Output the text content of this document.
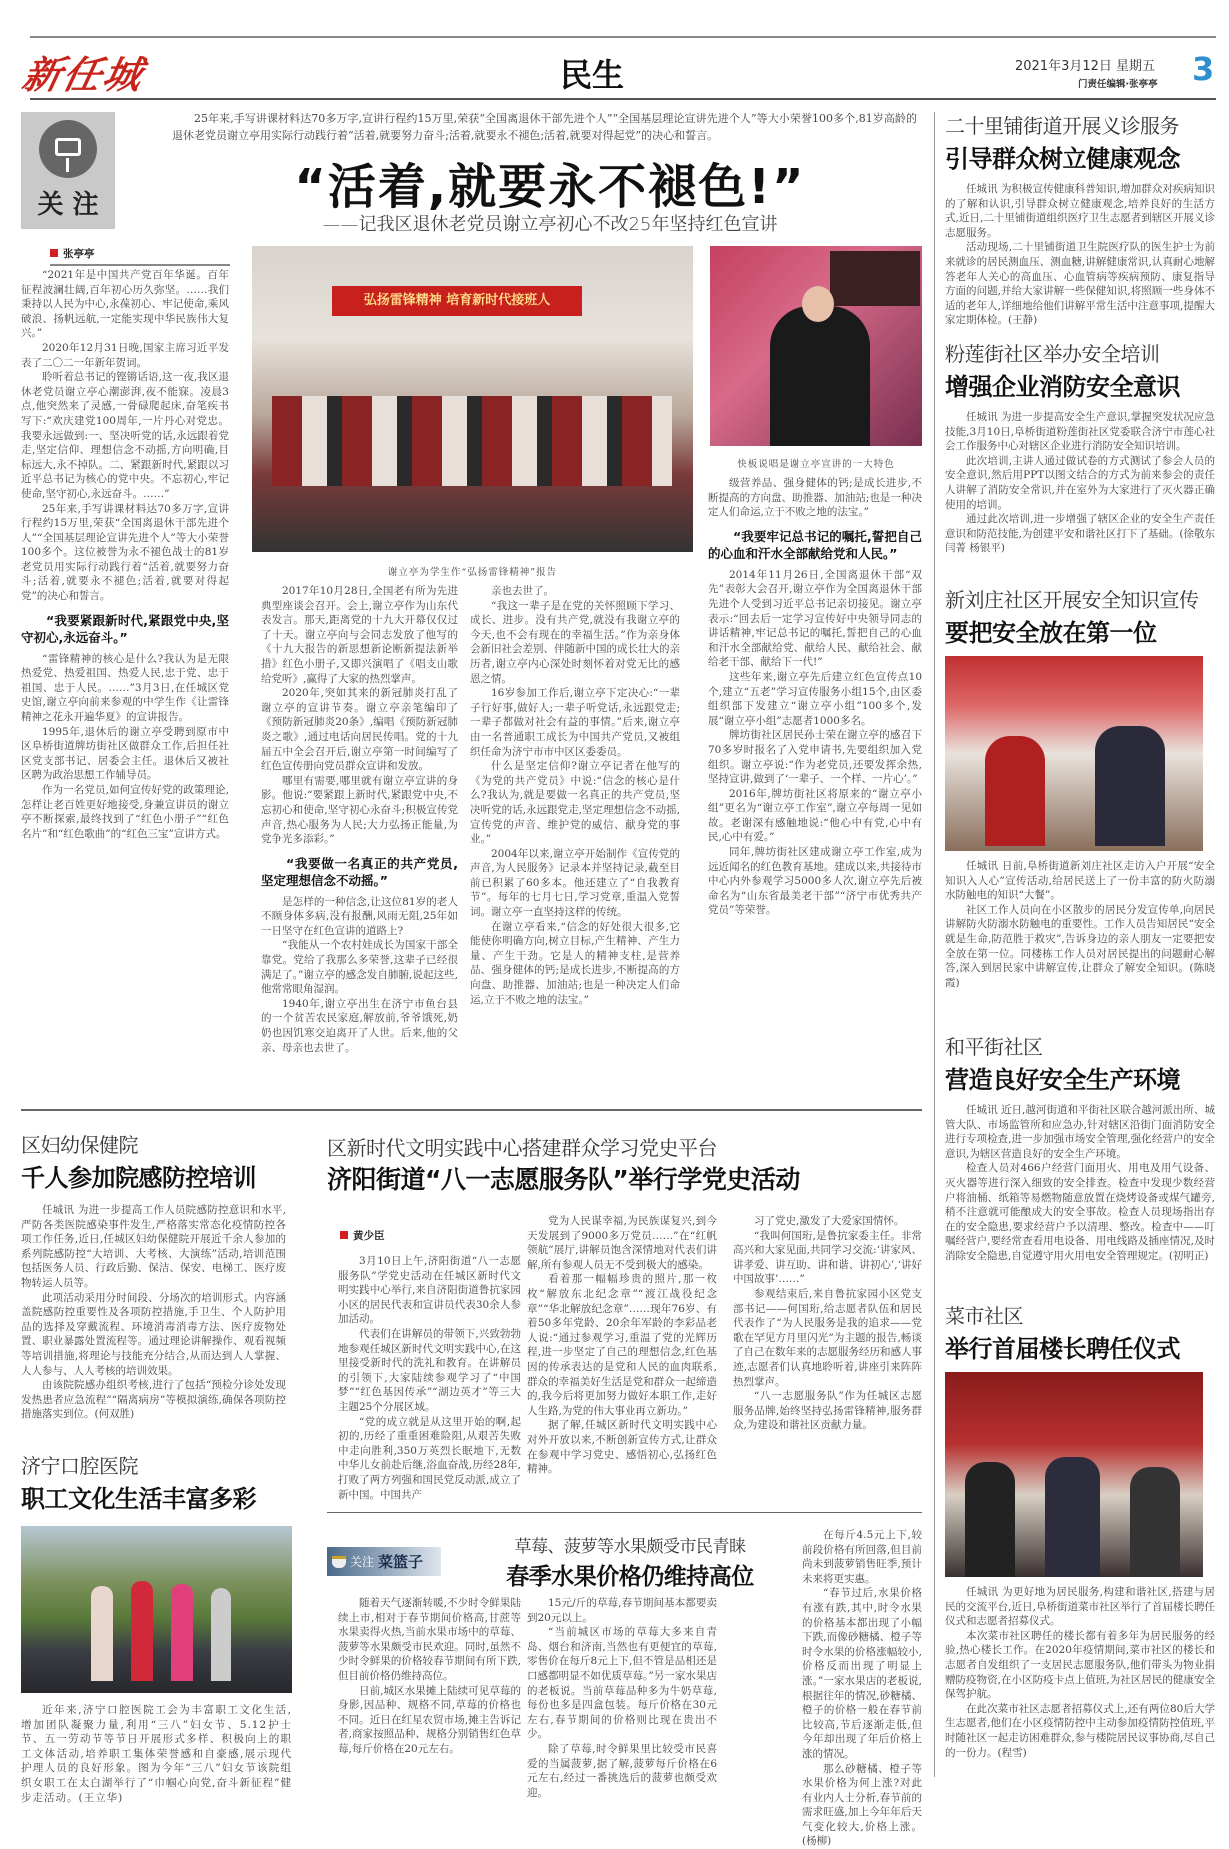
新任城	民生	2021年3月12日 星期五
门责任编辑·张亭亭 3
关 注

25年来,手写讲课材料达70多万字,宣讲行程约15万里,荣获“全国离退休干部先进个人”“全国基层理论宣讲先进个人”等大小荣誉100多个,81岁高龄的退休老党员谢立亭用实际行动践行着“活着,就要努力奋斗;活着,就要永不褪色;活着,就要对得起党”的决心和誓言。

“活着,就要永不褪色!”
——记我区退休老党员谢立亭初心不改25年坚持红色宣讲
张亭亭

“2021年是中国共产党百年华诞。百年征程波澜壮阔,百年初心历久弥坚。……我们秉持以人民为中心,永葆初心、牢记使命,乘风破浪、扬帆远航,一定能实现中华民族伟大复兴。”

2020年12月31日晚,国家主席习近平发表了二〇二一年新年贺词。

聆听着总书记的铿锵话语,这一夜,我区退休老党员谢立亭心潮澎湃,夜不能寐。凌晨3点,他突然来了灵感,一骨碌爬起床,奋笔疾书写下:“欢庆建党100周年,一片丹心对党忠。我要永远做到:一、坚决听党的话,永远跟着党走,坚定信仰、理想信念不动摇,方向明确,目标远大,永不掉队。二、紧跟新时代,紧跟以习近平总书记为核心的党中央。不忘初心,牢记使命,坚守初心,永远奋斗。……”

25年来,手写讲课材料达70多万字,宣讲行程约15万里,荣获“全国离退休干部先进个人”“全国基层理论宣讲先进个人”等大小荣誉100多个。这位被誉为永不褪色战士的81岁老党员用实际行动践行着“活着,就要努力奋斗;活着,就要永不褪色;活着,就要对得起党”的决心和誓言。

“我要紧跟新时代,紧跟党中央,坚守初心,永远奋斗。”

“雷锋精神的核心是什么?我认为是无限热爱党、热爱祖国、热爱人民,忠于党、忠于祖国、忠于人民。……”3月3日,在任城区党史馆,谢立亭向前来参观的中学生作《让雷锋精神之花永开遍华夏》的宣讲报告。

1995年,退休后的谢立亭受聘到原市中区阜桥街道牌坊街社区做群众工作,后担任社区党支部书记、居委会主任。退休后又被社区聘为政治思想工作辅导员。

作为一名党员,如何宣传好党的政策理论,怎样让老百姓更好地接受,身兼宣讲员的谢立亭不断探索,最终找到了“红色小册子”“红色名片”和“红色歌曲”的“红色三宝”宣讲方式。

弘扬雷锋精神 培育新时代接班人
谢立亭为学生作“弘扬雷锋精神”报告
快板说唱是谢立亭宣讲的一大特色

2017年10月28日,全国老有所为先进典型座谈会召开。会上,谢立亭作为山东代表发言。那天,距离党的十九大开幕仅仅过了十天。谢立亭向与会同志发放了他写的《十九大报告的新思想新论断新提法新举措》红色小册子,又即兴演唱了《唱支山歌给党听》,赢得了大家的热烈掌声。

2020年,突如其来的新冠肺炎打乱了谢立亭的宣讲节奏。谢立亭亲笔编印了《预防新冠肺炎20条》,编唱《预防新冠肺炎之歌》,通过电话向居民传唱。党的十九届五中全会召开后,谢立亭第一时间编写了红色宣传册向党员群众宣讲和发放。

哪里有需要,哪里就有谢立亭宣讲的身影。他说:“要紧跟上新时代,紧跟党中央,不忘初心和使命,坚守初心永奋斗;积极宣传党声音,热心服务为人民;大力弘扬正能量,为党争光多添彩。”

“我要做一名真正的共产党员,坚定理想信念不动摇。”

是怎样的一种信念,让这位81岁的老人不顾身体多病,没有报酬,风雨无阻,25年如一日坚守在红色宣讲的道路上?

“我能从一个农村娃成长为国家干部全靠党。党给了我那么多荣誉,这辈子已经很满足了。”谢立亭的感念发自肺腑,说起这些,他常常眼角湿润。

1940年,谢立亭出生在济宁市鱼台县的一个贫苦农民家庭,解放前,爷爷饿死,奶奶也因饥寒交迫离开了人世。后来,他的父亲、母亲也去世了。

亲也去世了。

“我这一辈子是在党的关怀照顾下学习、成长、进步。没有共产党,就没有我谢立亭的今天,也不会有现在的幸福生活。”作为亲身体会新旧社会差别、伴随新中国的成长壮大的亲历者,谢立亭内心深处时刻怀着对党无比的感恩之情。

16岁参加工作后,谢立亭下定决心:“一辈子行好事,做好人;一辈子听党话,永远跟党走;一辈子都做对社会有益的事情。”后来,谢立亭由一名普通职工成长为中国共产党员,又被组织任命为济宁市市中区区委委员。

什么是坚定信仰?谢立亭记者在他写的《为党的共产党员》中说:“信念的核心是什么?我认为,就是要做一名真正的共产党员,坚决听党的话,永远跟党走,坚定理想信念不动摇,宣传党的声音、维护党的威信、献身党的事业。”

2004年以来,谢立亭开始制作《宣传党的声音,为人民服务》记录本并坚持记录,截至目前已积累了60多本。他还建立了“自我教育节”。每年的七月七日,学习党章,重温入党誓词。谢立亭一直坚持这样的传统。

在谢立亭看来,“信念的好处很大很多,它能使你明确方向,树立目标,产生精神、产生力量、产生干劲。它是人的精神支柱,是营养品、强身健体的钙;是成长进步,不断提高的方向盘、助推器、加油站;也是一种决定人们命运,立于不败之地的法宝。”

级营养品、强身健体的钙;是成长进步,不断提高的方向盘、助推器、加油站;也是一种决定人们命运,立于不败之地的法宝。”

“我要牢记总书记的嘱托,誓把自己的心血和汗水全部献给党和人民。”

2014年11月26日,全国离退休干部“双先”表彰大会召开,谢立亭作为全国离退休干部先进个人受到习近平总书记亲切接见。谢立亭表示:“回去后一定学习宣传好中央领导同志的讲话精神,牢记总书记的嘱托,誓把自己的心血和汗水全部献给党、献给人民、献给社会、献给老干部、献给下一代!”

这些年来,谢立亭先后建立红色宣传点10个,建立“五老”学习宣传服务小组15个,由区委组织部下发建立“谢立亭小组”100多个,发展“谢立亭小组”志愿者1000多名。

牌坊街社区居民孙士荣在谢立亭的感召下70多岁时报名了入党申请书,先要组织加入党组织。谢立亭说:“作为老党员,还要发挥余热,坚持宣讲,做到了‘一辈子、一个样、一片心’。”

2016年,牌坊街社区将原来的“谢立亭小组”更名为“谢立亭工作室”,谢立亭每周一见如故。老谢深有感触地说:“他心中有党,心中有民,心中有爱。”

同年,牌坊街社区建成谢立亭工作室,成为远近闻名的红色教育基地。建成以来,共接待市中心内外参观学习5000多人次,谢立亭先后被命名为“山东省最美老干部”“济宁市优秀共产党员”等荣誉。

二十里铺街道开展义诊服务
引导群众树立健康观念

任城讯 为积极宣传健康科普知识,增加群众对疾病知识的了解和认识,引导群众树立健康观念,培养良好的生活方式,近日,二十里铺街道组织医疗卫生志愿者到辖区开展义诊志愿服务。

活动现场,二十里铺街道卫生院医疗队的医生护士为前来就诊的居民测血压、测血糖,讲解健康常识,认真耐心地解答老年人关心的高血压、心血管病等疾病预防、康复指导方面的问题,并给大家讲解一些保健知识,将照顾一些身体不适的老年人,详细地给他们讲解平常生活中注意事项,提醒大家定期体检。(王静)

粉莲街社区举办安全培训
增强企业消防安全意识

任城讯 为进一步提高安全生产意识,掌握突发状况应急技能,3月10日,阜桥街道粉莲街社区党委联合济宁市莲心社会工作服务中心对辖区企业进行消防安全知识培训。

此次培训,主讲人通过做试卷的方式测试了参会人员的安全意识,然后用PPT以图文结合的方式为前来参会的责任人讲解了消防安全常识,并在室外为大家进行了灭火器正确使用的培训。

通过此次培训,进一步增强了辖区企业的安全生产责任意识和防范技能,为创建平安和谐社区打下了基础。(徐敬东 闫菁 杨银平)

新刘庄社区开展安全知识宣传
要把安全放在第一位

任城讯 日前,阜桥街道新刘庄社区走访入户开展“安全知识入人心”宣传活动,给居民送上了一份丰富的防火防溺水防触电的知识“大餐”。

社区工作人员向在小区散步的居民分发宣传单,向居民讲解防火防溺水防触电的重要性。工作人员告知居民“安全就是生命,防范胜于救灾”,告诉身边的亲人朋友一定要把安全放在第一位。同楼栋工作人员对居民提出的问题耐心解答,深入到居民家中讲解宣传,让群众了解安全知识。(陈晓霞)

和平街社区
营造良好安全生产环境

任城讯 近日,越河街道和平街社区联合越河派出所、城管大队、市场监管所和应急办,针对辖区沿街门面消防安全进行专项检查,进一步加强市场安全管理,强化经营户的安全意识,为辖区营造良好的安全生产环境。

检查人员对466户经营门面用火、用电及用气设备、灭火器等进行深入细致的安全排查。检查中发现少数经营户将油桶、纸箱等易燃物随意放置在烧烤设备或煤气罐旁,稍不注意就可能酿成大的安全事故。检查人员现场指出存在的安全隐患,要求经营户予以清理、整改。检查中——叮嘱经营户,要经常查看用电设备、用电线路及插座情况,及时消除安全隐患,自觉遵守用火用电安全管理规定。(初明正)

菜市社区
举行首届楼长聘任仪式

任城讯 为更好地为居民服务,构建和谐社区,搭建与居民的交流平台,近日,阜桥街道菜市社区举行了首届楼长聘任仪式和志愿者招募仪式。

本次菜市社区聘任的楼长都有着多年为居民服务的经验,热心楼长工作。在2020年疫情期间,菜市社区的楼长和志愿者自发组织了一支居民志愿服务队,他们带头为物业捐赠防疫物资,在小区防疫卡点上值班,为社区居民的健康安全保驾护航。

在此次菜市社区志愿者招募仪式上,还有两位80后大学生志愿者,他们在小区疫情防控中主动参加疫情防控值班,平时随社区一起走访困难群众,参与楼院居民议事协商,尽自己的一份力。(程雪)

区妇幼保健院
千人参加院感防控培训

任城讯 为进一步提高工作人员院感防控意识和水平,严防各类医院感染事件发生,严格落实常态化疫情防控各项工作任务,近日,任城区妇幼保健院开展近千余人参加的系列院感防控“大培训、大考核、大演练”活动,培训范围包括医务人员、行政后勤、保洁、保安、电梯工、医疗废物转运人员等。

此项活动采用分时间段、分场次的培训形式。内容涵盖院感防控重要性及各项防控措施,手卫生、个人防护用品的选择及穿戴流程、环境消毒消毒方法、医疗废物处置、职业暴露处置流程等。通过理论讲解操作、观看视频等培训措施,将理论与技能充分结合,从而达到人人掌握、人人参与、人人考核的培训效果。

由该院院感办组织考核,进行了包括“预检分诊处发现发热患者应急流程”“隔离病房”等模拟演练,确保各项防控措施落实到位。(何双胜)

济宁口腔医院
职工文化生活丰富多彩

近年来,济宁口腔医院工会为丰富职工文化生活,增加团队凝聚力量,利用“三八”妇女节、5.12护士节、五一劳动节等节日开展形式多样、积极向上的职工文体活动,培养职工集体荣誉感和自豪感,展示现代护理人员的良好形象。图为今年“三八”妇女节该院组织女职工在太白湖举行了“巾帼心向党,奋斗新征程”健步走活动。(王立华)

区新时代文明实践中心搭建群众学习党史平台
济阳街道“八一志愿服务队”举行学党史活动
黄少臣

3月10日上午,济阳街道“八一志愿服务队”学党史活动在任城区新时代文明实践中心举行,来自济阳街道鲁抗家园小区的居民代表和宣讲员代表30余人参加活动。

代表们在讲解员的带领下,兴致勃勃地参观任城区新时代文明实践中心,在这里接受新时代的洗礼和教育。在讲解员的引领下,大家陆续参观学习了“中国梦”“红色基因传承”“湖边英才”等三大主题25个分展区域。

“党的成立就是从这里开始的啊,起初的,历经了重重困难险阻,从艰苦失败中走向胜利,350万英烈长眠地下,无数中华儿女前赴后继,浴血奋战,历经28年,打败了两方列强和国民党反动派,成立了新中国。中国共产

党为人民谋幸福,为民族谋复兴,到今天发展到了9000多万党员……”在“红帆领航”展厅,讲解员饱含深情地对代表们讲解,所有参观人员无不受到极大的感染。

看着那一幅幅珍贵的照片,那一枚枚“解放东北纪念章”“渡江战役纪念章”“华北解放纪念章”……现年76岁、有着50多年党龄、20余年军龄的李彩品老人说:“通过参观学习,重温了党的光辉历程,进一步坚定了自己的理想信念,红色基因的传承表达的是党和人民的血肉联系,群众的幸福美好生活是党和群众一起缔造的,我今后将更加努力做好本职工作,走好人生路,为党的伟大事业再立新功。”

据了解,任城区新时代文明实践中心对外开放以来,不断创新宣传方式,让群众在参观中学习党史、感悟初心,弘扬红色精神。

习了党史,激发了大爱家国情怀。

“我叫何国珩,是鲁抗家委主任。非常高兴和大家见面,共同学习交流:‘讲家风、讲孝爱、讲互助、讲和谐、讲初心’,‘讲好中国故事’……”

参观结束后,来自鲁抗家园小区党支部书记——何国珩,给志愿者队伍和居民代表作了“为人民服务是我的追求——党歌在罕见方月里闪光”为主题的报告,畅谈了自己在数年来的志愿服务经历和感人事迹,志愿者们认真地聆听着,讲座引来阵阵热烈掌声。

“八一志愿服务队”作为任城区志愿服务品牌,始终坚持弘扬雷锋精神,服务群众,为建设和谐社区贡献力量。

关注 菜篮子
草莓、菠萝等水果颇受市民青睐
春季水果价格仍维持高位

随着天气逐渐转暖,不少时令鲜果陆续上市,相对于春节期间价格高,甘蔗等水果卖得火热,当前水果市场中的草莓、菠萝等水果颇受市民欢迎。同时,虽然不少时令鲜果的价格较春节期间有所下跌,但目前价格仍维持高位。

日前,城区水果摊上陆续可见草莓的身影,因品种、规格不同,草莓的价格也不同。近日在红星农贸市场,摊主告诉记者,商家按照品种、规格分别销售红色草莓,每斤价格在20元左右。

15元/斤的草莓,春节期间基本都要卖到20元以上。

“当前城区市场的草莓大多来自青岛、烟台和济南,当然也有更便宜的草莓,零售价在每斤8元上下,但不管是品相还是口感都明显不如优质草莓。”另一家水果店的老板说。当前草莓品种多为牛奶草莓,每份也多是四盒包装。每斤价格在30元左右,春节期间的价格则比现在贵出不少。

除了草莓,时令鲜果里比较受市民喜爱的当属菠萝,据了解,菠萝每斤价格在6元左右,经过一番挑选后的菠萝也颇受欢迎。

在每斤4.5元上下,较前段价格有所回落,但目前尚未到菠萝销售旺季,预计未来将更实惠。

“春节过后,水果价格有涨有跌,其中,时令水果的价格基本都出现了小幅下跌,而像砂糖橘、橙子等时令水果的价格涨幅较小,价格反而出现了明显上涨。”一家水果店的老板说,根据往年的情况,砂糖橘、橙子的价格一般在春节前比较高,节后逐渐走低,但今年却出现了年后价格上涨的情况。

那么砂糖橘、橙子等水果价格为何上涨?对此有业内人士分析,春节前的需求旺盛,加上今年年后天气变化较大,价格上涨。(杨柳)
